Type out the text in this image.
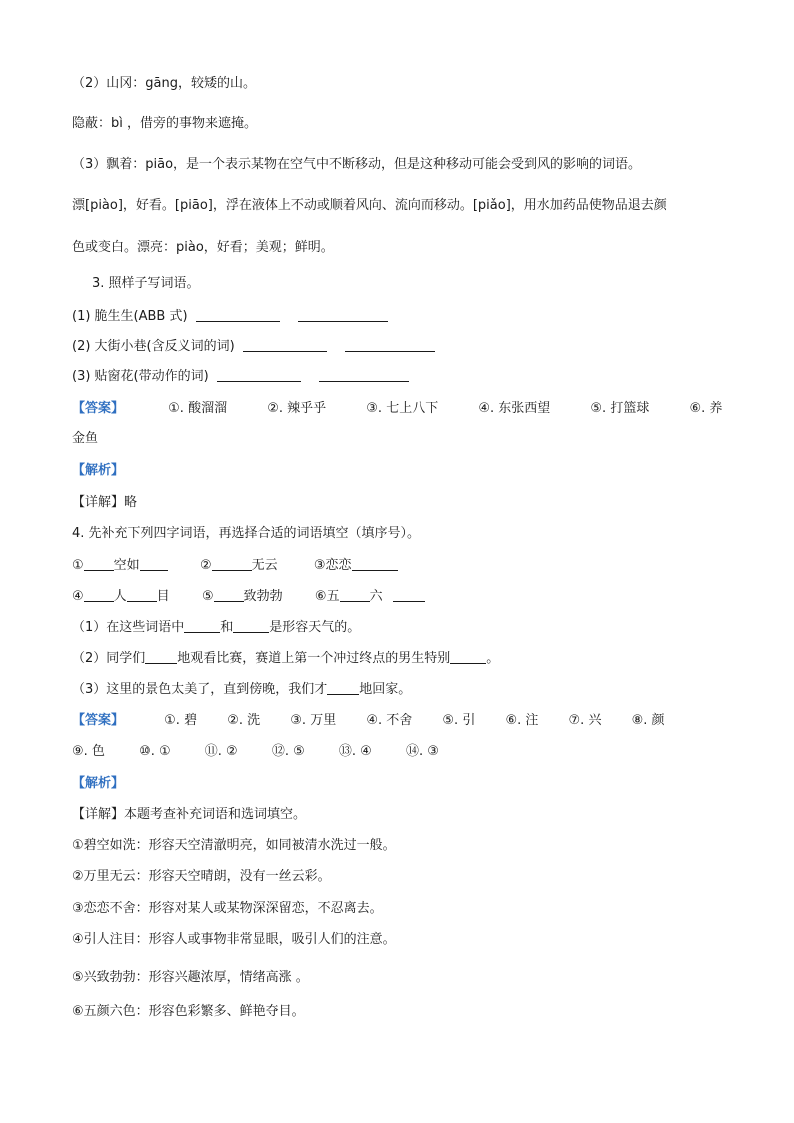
（2）山冈：gāng，较矮的山。
隐蔽：bì ，借旁的事物来遮掩。
（3）飘着：piāo，是一个表示某物在空气中不断移动，但是这种移动可能会受到风的影响的词语。
漂[piào]，好看。[piāo]，浮在液体上不动或顺着风向、流向而移动。[piǎo]，用水加药品使物品退去颜
色或变白。漂亮：piào，好看；美观；鲜明。
3. 照样子写词语。
(1) 脆生生(ABB 式)
(2) 大街小巷(含反义词的词)
(3) 贴窗花(带动作的词)
【答案】	①. 酸溜溜	②. 辣乎乎	③. 七上八下	④. 东张西望	⑤. 打篮球	⑥. 养
金鱼
【解析】
【详解】略
4. 先补充下列四字词语，再选择合适的词语填空（填序号）。
① 空如	②	无云	③恋恋
④ 人 目 ⑤ 致勃勃 ⑥五 六
（1）在这些词语中	和	是形容天气的。
（2）同学们 地观看比赛，赛道上第一个冲过终点的男生特别	。
（3）这里的景色太美了，直到傍晚，我们才 地回家。
【答案】	①. 碧 ②. 洗 ③. 万里 ④. 不舍 ⑤. 引 ⑥. 注 ⑦. 兴 ⑧. 颜
⑨. 色	⑩. ①	⑪. ②	⑫. ⑤	⑬. ④	⑭. ③
【解析】
【详解】本题考查补充词语和选词填空。
①碧空如洗：形容天空清澈明亮，如同被清水洗过一般。
②万里无云：形容天空晴朗，没有一丝云彩。
③恋恋不舍：形容对某人或某物深深留恋，不忍离去。
④引人注目：形容人或事物非常显眼，吸引人们的注意。
⑤兴致勃勃：形容兴趣浓厚，情绪高涨 。
⑥五颜六色：形容色彩繁多、鲜艳夺目。
